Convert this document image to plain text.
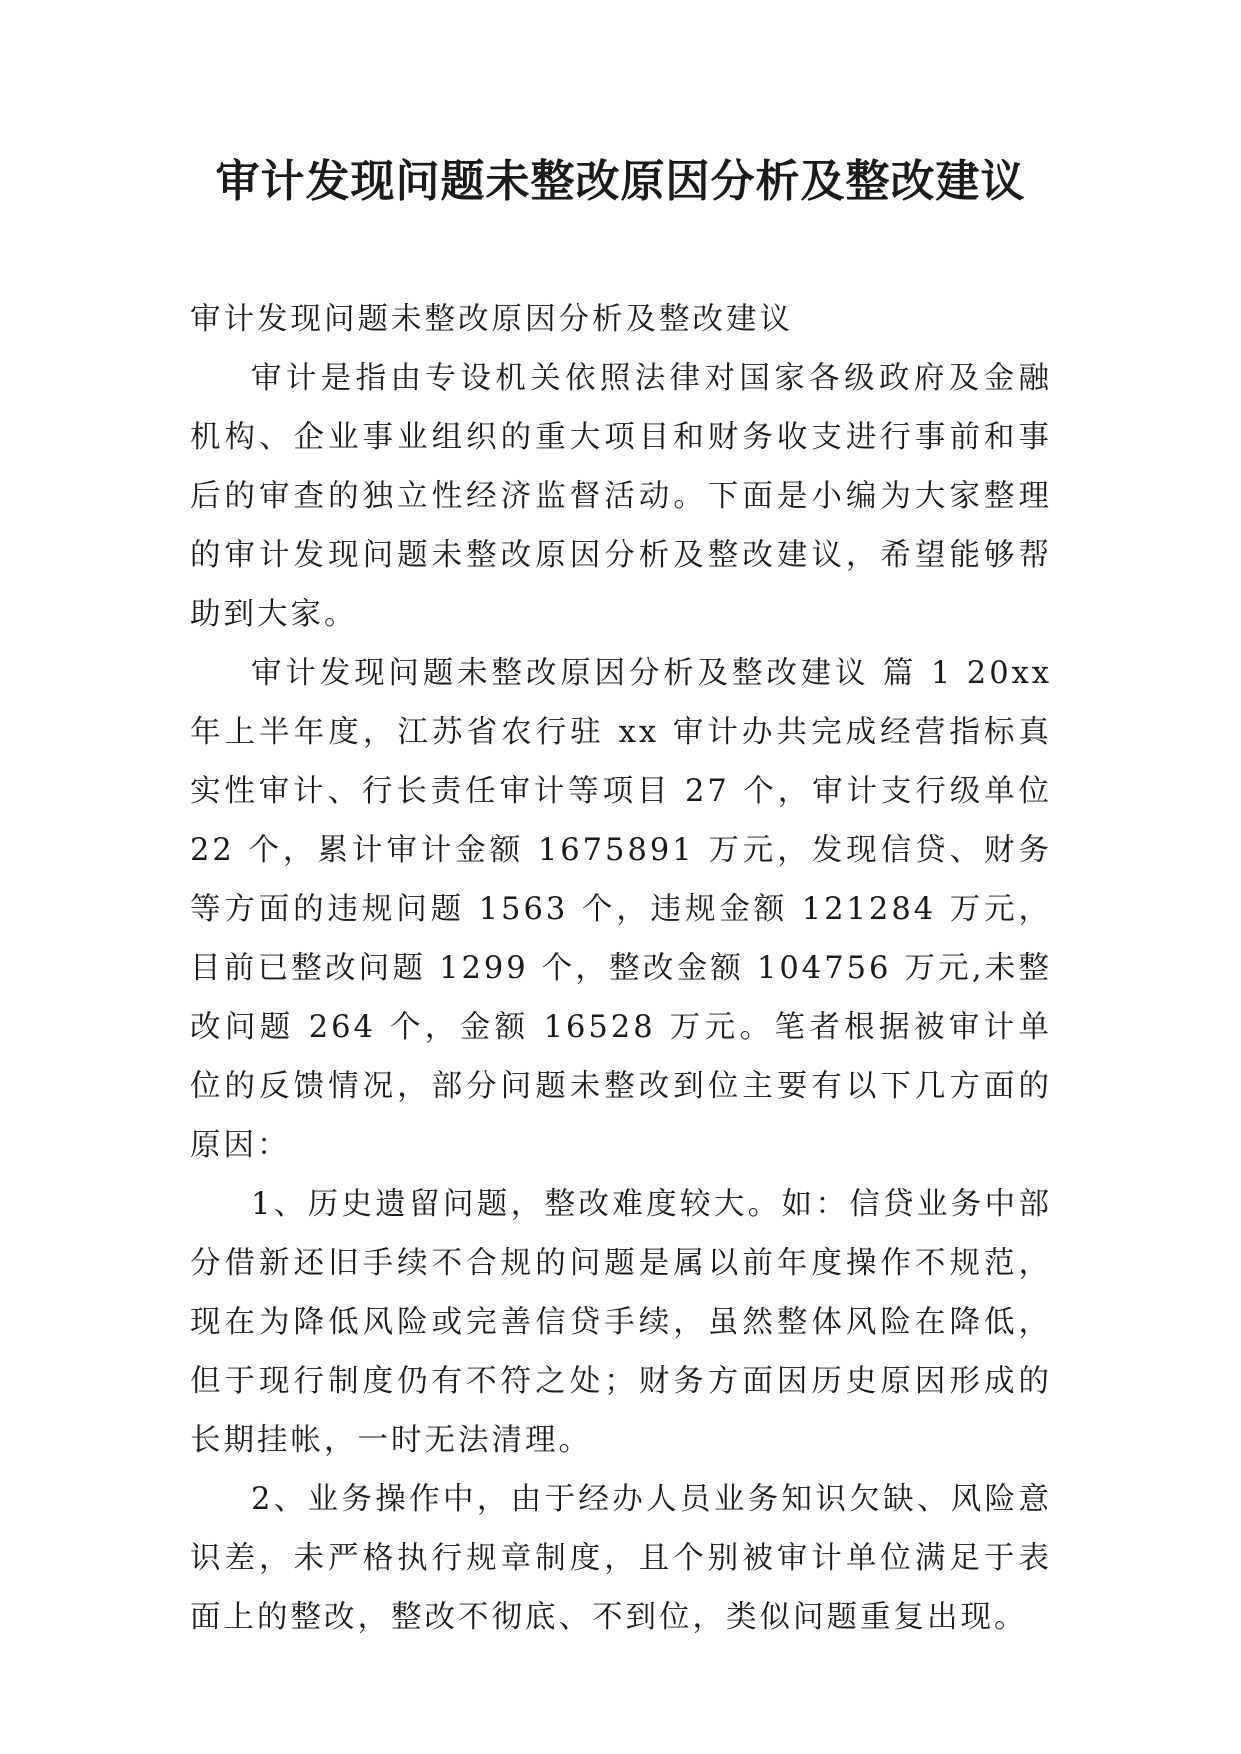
审计发现问题未整改原因分析及整改建议

审计发现问题未整改原因分析及整改建议

审计是指由专设机关依照法律对国家各级政府及金融机构、企业事业组织的重大项目和财务收支进行事前和事后的审查的独立性经济监督活动。下面是小编为大家整理的审计发现问题未整改原因分析及整改建议，希望能够帮助到大家。

审计发现问题未整改原因分析及整改建议 篇 1 20xx 年上半年度，江苏省农行驻 xx 审计办共完成经营指标真实性审计、行长责任审计等项目 27 个，审计支行级单位 22 个，累计审计金额 1675891 万元，发现信贷、财务等方面的违规问题 1563 个，违规金额 121284 万元，目前已整改问题 1299 个，整改金额 104756 万元,未整改问题 264 个，金额 16528 万元。笔者根据被审计单位的反馈情况，部分问题未整改到位主要有以下几方面的原因：

1、历史遗留问题，整改难度较大。如：信贷业务中部分借新还旧手续不合规的问题是属以前年度操作不规范，现在为降低风险或完善信贷手续，虽然整体风险在降低，但于现行制度仍有不符之处；财务方面因历史原因形成的长期挂帐，一时无法清理。

2、业务操作中，由于经办人员业务知识欠缺、风险意识差，未严格执行规章制度，且个别被审计单位满足于表面上的整改，整改不彻底、不到位，类似问题重复出现。
